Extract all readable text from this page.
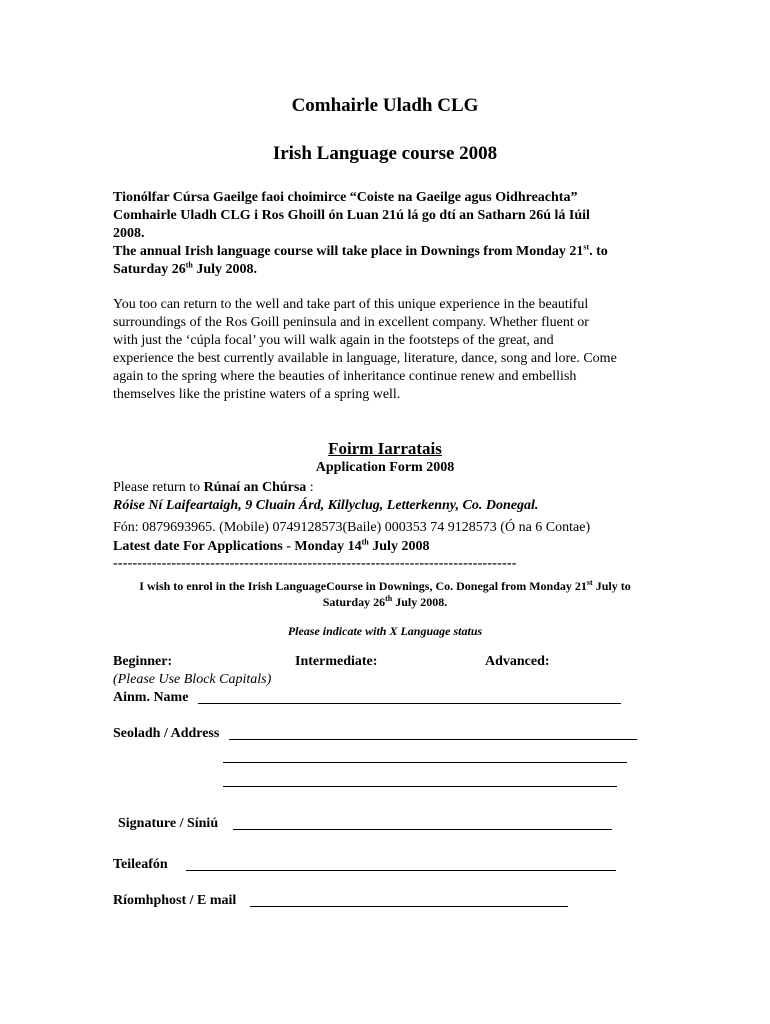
Comhairle Uladh CLG
Irish Language course 2008
Tionólfar Cúrsa Gaeilge faoi choimirce “Coiste na Gaeilge agus Oidhreachta”
Comhairle Uladh CLG i Ros Ghoill ón Luan 21ú lá go dtí an Satharn 26ú lá Iúil
2008.
The annual Irish language course will take place in Downings from Monday 21st. to
Saturday 26th July 2008.
You too can return to the well and take part of this unique experience in the beautiful
surroundings of the Ros Goill peninsula and in excellent company. Whether fluent or
with just the ‘cúpla focal’ you will walk again in the footsteps of the great, and
experience the best currently available in language, literature, dance, song and lore. Come
again to the spring where the beauties of inheritance continue renew and embellish
themselves like the pristine waters of a spring well.
Foirm Iarratais
Application Form 2008
Please return to Rúnaí an Chúrsa :
Róise Ní Laifeartaigh, 9 Cluain Árd, Killyclug, Letterkenny, Co. Donegal.
Fón: 0879693965. (Mobile) 0749128573(Baile) 000353 74 9128573 (Ó na 6 Contae)
Latest date For Applications - Monday 14th July 2008
-----------------------------------------------------------------------------------
I wish to enrol in the Irish LanguageCourse in Downings, Co. Donegal from Monday 21st July to
Saturday 26th July 2008.
Please indicate with X Language status
Beginner:	Intermediate:	Advanced:
(Please Use Block Capitals)
Ainm. Name
Seoladh / Address
Signature / Síniú
Teileafón
Ríomhphost / E mail
